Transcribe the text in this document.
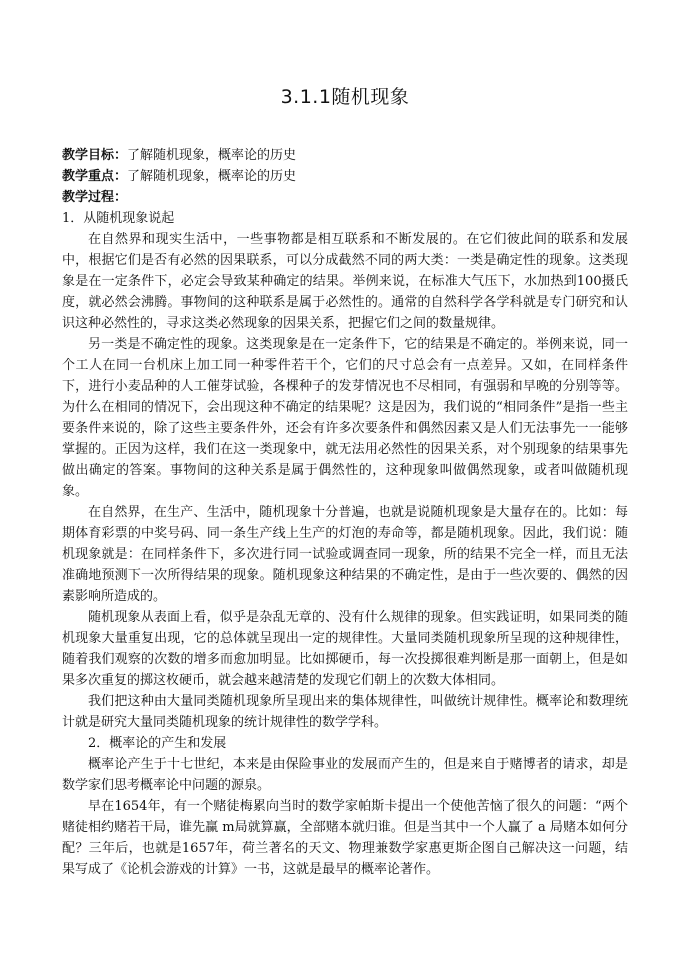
3.1.1随机现象

教学目标：了解随机现象，概率论的历史

教学重点：了解随机现象，概率论的历史

教学过程：

1．从随机现象说起

在自然界和现实生活中，一些事物都是相互联系和不断发展的。在它们彼此间的联系和发展中，根据它们是否有必然的因果联系，可以分成截然不同的两大类：一类是确定性的现象。这类现象是在一定条件下，必定会导致某种确定的结果。举例来说，在标准大气压下，水加热到100摄氏度，就必然会沸腾。事物间的这种联系是属于必然性的。通常的自然科学各学科就是专门研究和认识这种必然性的，寻求这类必然现象的因果关系，把握它们之间的数量规律。

另一类是不确定性的现象。这类现象是在一定条件下，它的结果是不确定的。举例来说，同一个工人在同一台机床上加工同一种零件若干个，它们的尺寸总会有一点差异。又如，在同样条件下，进行小麦品种的人工催芽试验，各棵种子的发芽情况也不尽相同，有强弱和早晚的分别等等。为什么在相同的情况下，会出现这种不确定的结果呢？这是因为，我们说的“相同条件”是指一些主要条件来说的，除了这些主要条件外，还会有许多次要条件和偶然因素又是人们无法事先一一能够掌握的。正因为这样，我们在这一类现象中，就无法用必然性的因果关系，对个别现象的结果事先做出确定的答案。事物间的这种关系是属于偶然性的，这种现象叫做偶然现象，或者叫做随机现象。

在自然界，在生产、生活中，随机现象十分普遍，也就是说随机现象是大量存在的。比如：每期体育彩票的中奖号码、同一条生产线上生产的灯泡的寿命等，都是随机现象。因此，我们说：随机现象就是：在同样条件下，多次进行同一试验或调查同一现象，所的结果不完全一样，而且无法准确地预测下一次所得结果的现象。随机现象这种结果的不确定性，是由于一些次要的、偶然的因素影响所造成的。

随机现象从表面上看，似乎是杂乱无章的、没有什么规律的现象。但实践证明，如果同类的随机现象大量重复出现，它的总体就呈现出一定的规律性。大量同类随机现象所呈现的这种规律性，随着我们观察的次数的增多而愈加明显。比如掷硬币，每一次投掷很难判断是那一面朝上，但是如果多次重复的掷这枚硬币，就会越来越清楚的发现它们朝上的次数大体相同。

我们把这种由大量同类随机现象所呈现出来的集体规律性，叫做统计规律性。概率论和数理统计就是研究大量同类随机现象的统计规律性的数学学科。

2．概率论的产生和发展

概率论产生于十七世纪，本来是由保险事业的发展而产生的，但是来自于赌博者的请求，却是数学家们思考概率论中问题的源泉。

早在1654年，有一个赌徒梅累向当时的数学家帕斯卡提出一个使他苦恼了很久的问题：“两个赌徒相约赌若干局，谁先赢 m局就算赢，全部赌本就归谁。但是当其中一个人赢了 a 局赌本如何分配？三年后，也就是1657年，荷兰著名的天文、物理兼数学家惠更斯企图自己解决这一问题，结果写成了《论机会游戏的计算》一书，这就是最早的概率论著作。
